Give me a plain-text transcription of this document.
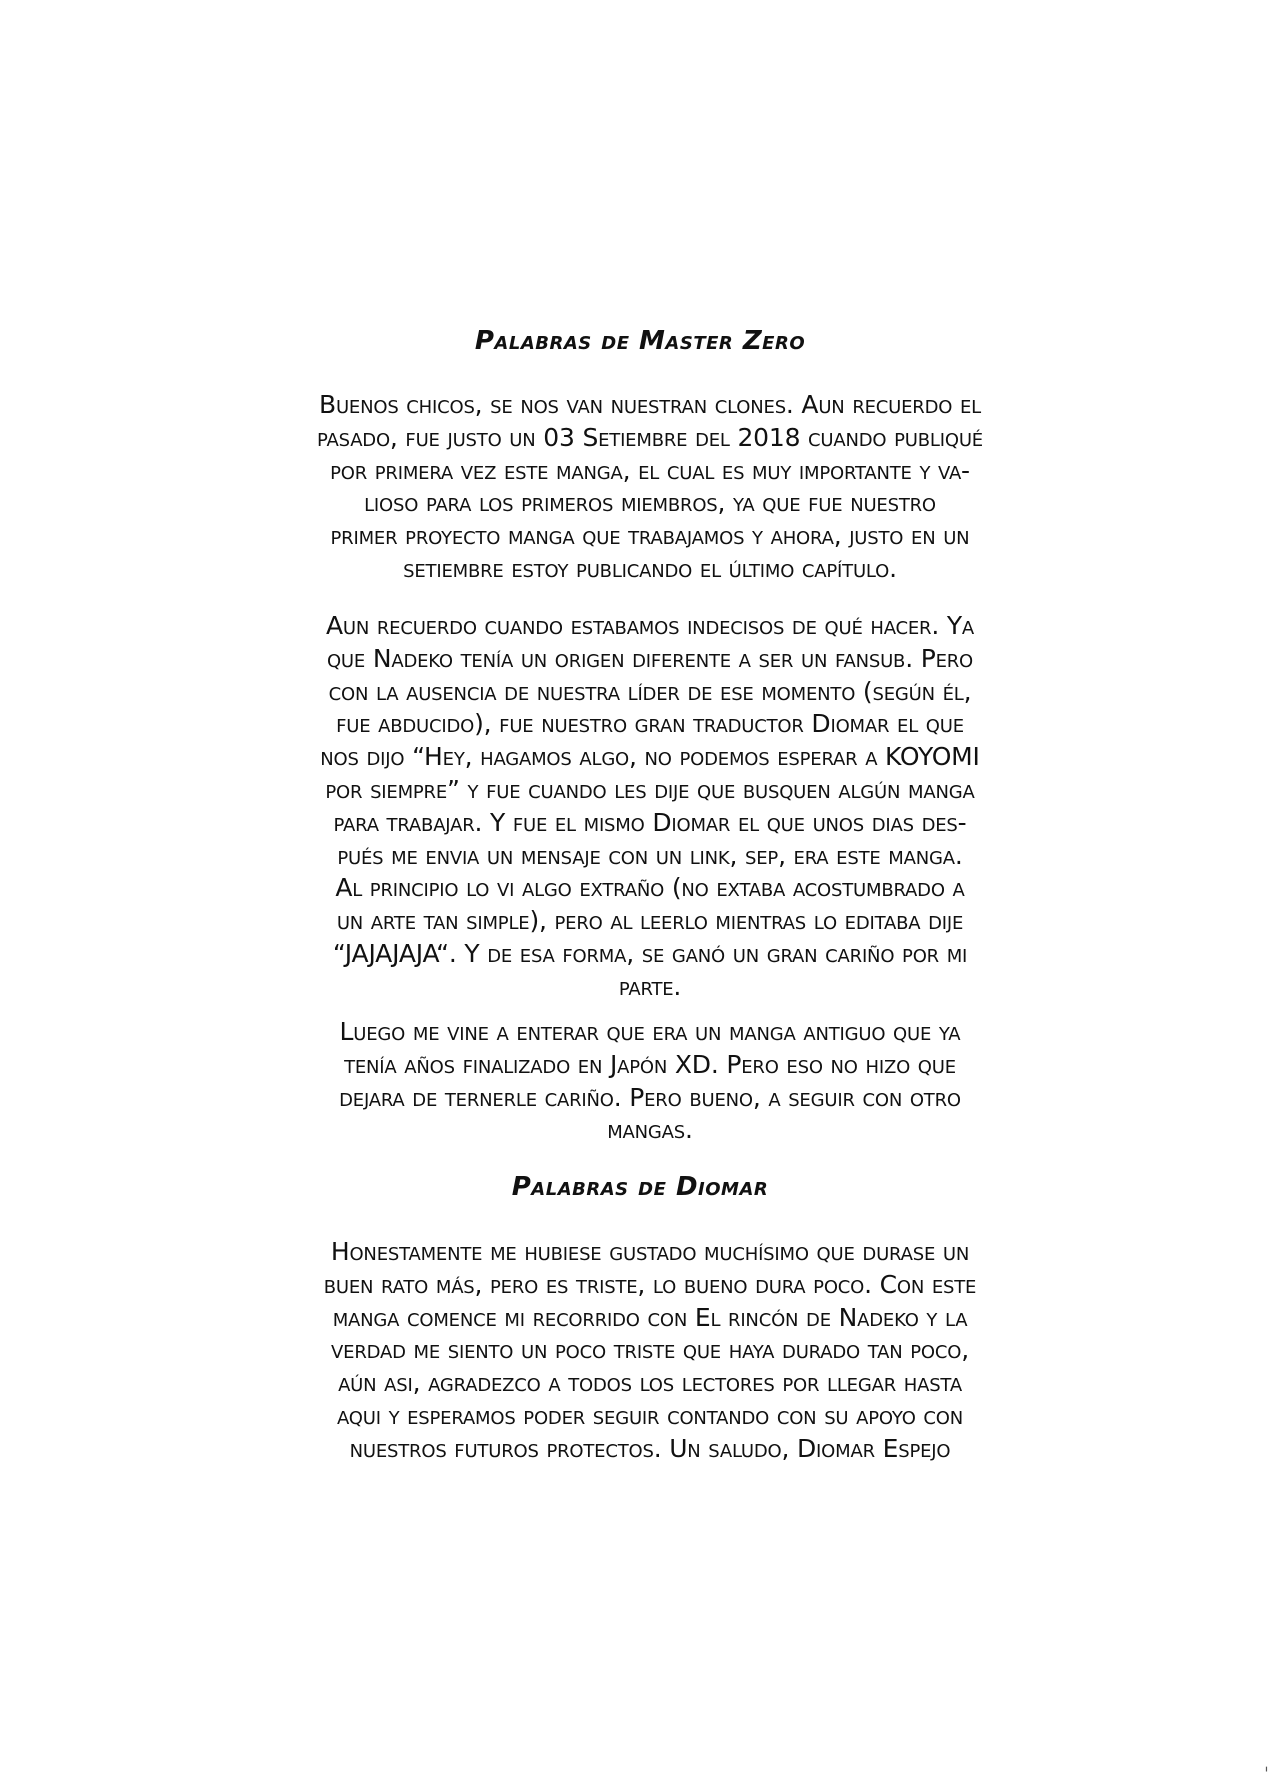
Palabras de Master Zero
Buenos chicos, se nos van nuestran clones. Aun recuerdo el
pasado, fue justo un 03 Setiembre del 2018 cuando publiqué
por primera vez este manga, el cual es muy importante y va-
lioso para los primeros miembros, ya que fue nuestro
primer proyecto manga que trabajamos y ahora, justo en un
setiembre estoy publicando el último capítulo.
Aun recuerdo cuando estabamos indecisos de qué hacer. Ya
que Nadeko tenía un origen diferente a ser un fansub. Pero
con la ausencia de nuestra líder de ese momento (según él,
fue abducido), fue nuestro gran traductor Diomar el que
nos dijo “Hey, hagamos algo, no podemos esperar a KOYOMI
por siempre” y fue cuando les dije que busquen algún manga
para trabajar. Y fue el mismo Diomar el que unos dias des-
pués me envia un mensaje con un link, sep, era este manga.
Al principio lo vi algo extraño (no extaba acostumbrado a
un arte tan simple), pero al leerlo mientras lo editaba dije
“JAJAJAJA“. Y de esa forma, se ganó un gran cariño por mi
parte.
Luego me vine a enterar que era un manga antiguo que ya
tenía años finalizado en Japón XD. Pero eso no hizo que
dejara de ternerle cariño. Pero bueno, a seguir con otro
mangas.
Palabras de Diomar
Honestamente me hubiese gustado muchísimo que durase un
buen rato más, pero es triste, lo bueno dura poco. Con este
manga comence mi recorrido con El rincón de Nadeko y la
verdad me siento un poco triste que haya durado tan poco,
aún asi, agradezco a todos los lectores por llegar hasta
aqui y esperamos poder seguir contando con su apoyo con
nuestros futuros protectos. Un saludo, Diomar Espejo
ˈ
